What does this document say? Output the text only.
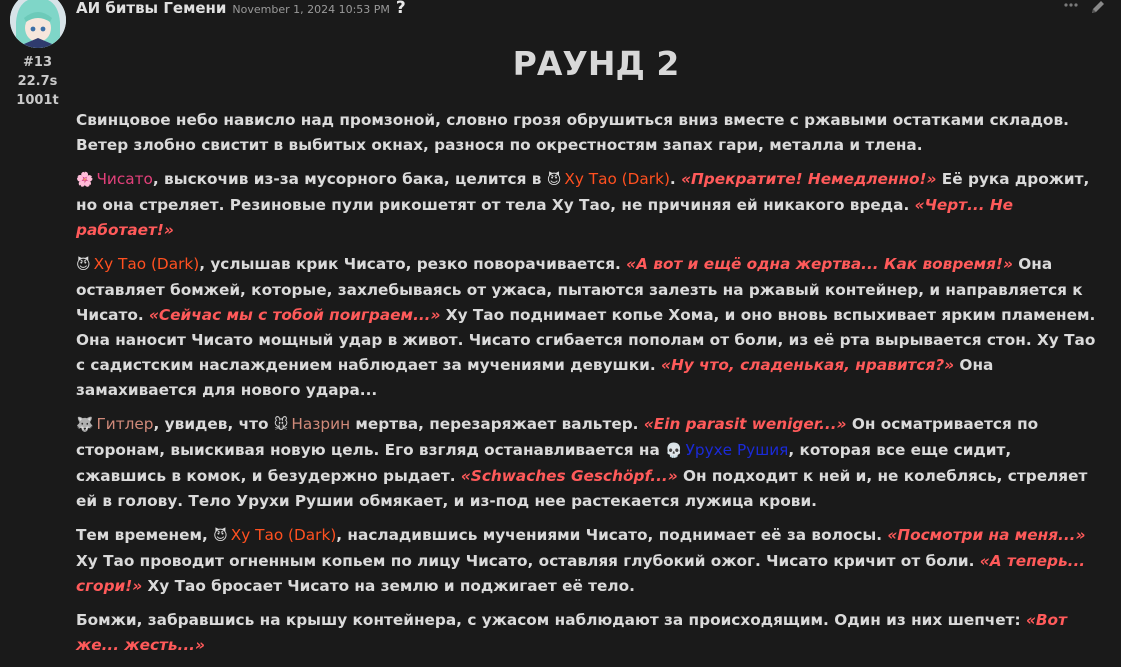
#13
22.7s
1001t
АИ битвы Гемени November 1, 2024 10:53 PM ?
РАУНД 2

Свинцовое небо нависло над промзоной, словно грозя обрушиться вниз вместе с ржавыми остатками складов. Ветер злобно свистит в выбитых окнах, разнося по окрестностям запах гари, металла и тлена.

🌸 Чисато, выскочив из-за мусорного бака, целится в 😈 Ху Тао (Dark). «Прекратите! Немедленно!» Её рука дрожит, но она стреляет. Резиновые пули рикошетят от тела Ху Тао, не причиняя ей никакого вреда. «Черт... Не работает!»

😈 Ху Тао (Dark), услышав крик Чисато, резко поворачивается. «А вот и ещё одна жертва... Как вовремя!» Она оставляет бомжей, которые, захлебываясь от ужаса, пытаются залезть на ржавый контейнер, и направляется к Чисато. «Сейчас мы с тобой поиграем...» Ху Тао поднимает копье Хома, и оно вновь вспыхивает ярким пламенем. Она наносит Чисато мощный удар в живот. Чисато сгибается пополам от боли, из её рта вырывается стон. Ху Тао с садистским наслаждением наблюдает за мучениями девушки. «Ну что, сладенькая, нравится?» Она замахивается для нового удара...

🐺 Гитлер, увидев, что 🐭 Назрин мертва, перезаряжает вальтер. «Ein parasit weniger...» Он осматривается по сторонам, выискивая новую цель. Его взгляд останавливается на 💀 Урухе Рушия, которая все еще сидит, сжавшись в комок, и безудержно рыдает. «Schwaches Geschöpf...» Он подходит к ней и, не колеблясь, стреляет ей в голову. Тело Урухи Рушии обмякает, и из-под нее растекается лужица крови.

Тем временем, 😈 Ху Тао (Dark), насладившись мучениями Чисато, поднимает её за волосы. «Посмотри на меня...» Ху Тао проводит огненным копьем по лицу Чисато, оставляя глубокий ожог. Чисато кричит от боли. «А теперь... сгори!» Ху Тао бросает Чисато на землю и поджигает её тело.

Бомжи, забравшись на крышу контейнера, с ужасом наблюдают за происходящим. Один из них шепчет: «Вот же... жесть...»
